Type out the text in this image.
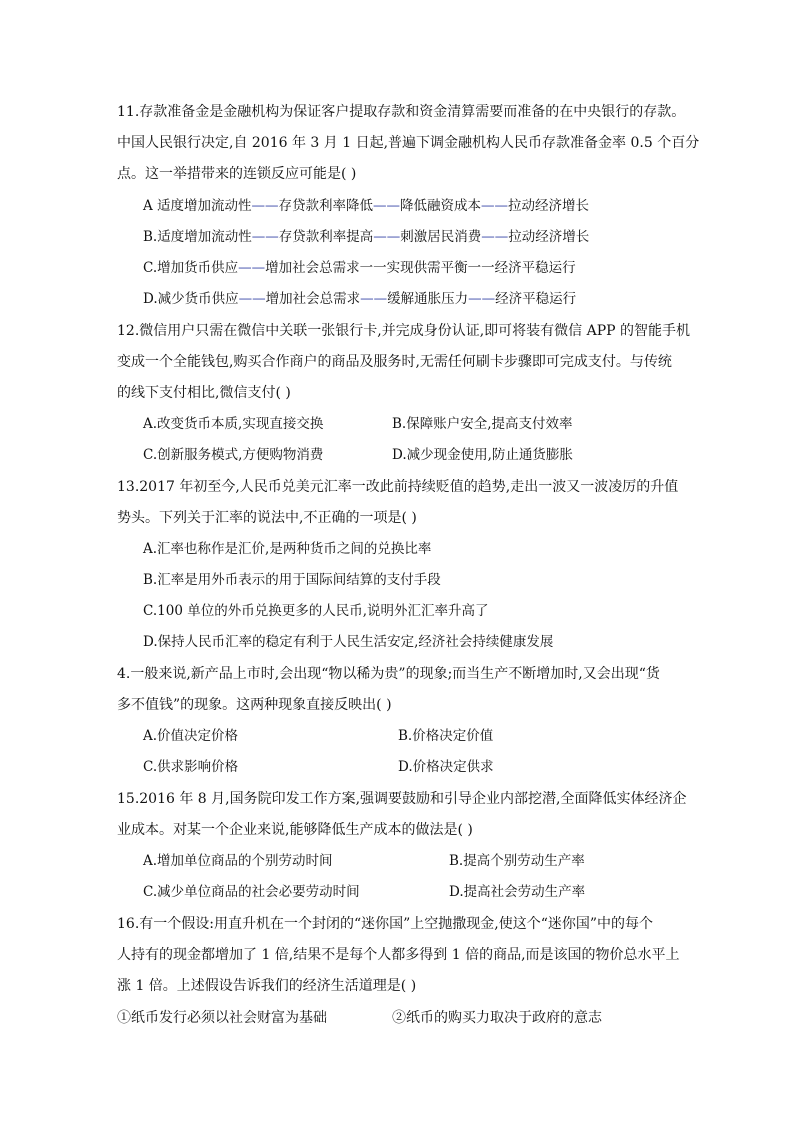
11.存款准备金是金融机构为保证客户提取存款和资金清算需要而准备的在中央银行的存款。
中国人民银行决定,自 2016 年 3 月 1 日起,普遍下调金融机构人民币存款准备金率 0.5 个百分
点。这一举措带来的连锁反应可能是( )
A 适度增加流动性——存贷款利率降低——降低融资成本——拉动经济增长
B.适度增加流动性——存贷款利率提高——刺激居民消费——拉动经济增长
C.增加货币供应——增加社会总需求一一实现供需平衡一一经济平稳运行
D.减少货币供应——增加社会总需求——缓解通胀压力——经济平稳运行
12.微信用户只需在微信中关联一张银行卡,并完成身份认证,即可将装有微信 APP 的智能手机
变成一个全能钱包,购买合作商户的商品及服务时,无需任何刷卡步骤即可完成支付。与传统
的线下支付相比,微信支付( )
A.改变货币本质,实现直接交换	B.保障账户安全,提高支付效率
C.创新服务模式,方便购物消费	D.减少现金使用,防止通货膨胀
13.2017 年初至今,人民币兑美元汇率一改此前持续贬值的趋势,走出一波又一波凌厉的升值
势头。下列关于汇率的说法中,不正确的一项是( )
A.汇率也称作是汇价,是两种货币之间的兑换比率
B.汇率是用外币表示的用于国际间结算的支付手段
C.100 单位的外币兑换更多的人民币,说明外汇汇率升高了
D.保持人民币汇率的稳定有利于人民生活安定,经济社会持续健康发展
4.一般来说,新产品上市时,会出现“物以稀为贵”的现象;而当生产不断增加时,又会出现“货
多不值钱”的现象。这两种现象直接反映出( )
A.价值决定价格	B.价格决定价值
C.供求影响价格	D.价格决定供求
15.2016 年 8 月,国务院印发工作方案,强调要鼓励和引导企业内部挖潜,全面降低实体经济企
业成本。对某一个企业来说,能够降低生产成本的做法是( )
A.增加单位商品的个别劳动时间	B.提高个别劳动生产率
C.减少单位商品的社会必要劳动时间	D.提高社会劳动生产率
16.有一个假设:用直升机在一个封闭的“迷你国”上空抛撒现金,使这个“迷你国”中的每个
人持有的现金都增加了 1 倍,结果不是每个人都多得到 1 倍的商品,而是该国的物价总水平上
涨 1 倍。上述假设告诉我们的经济生活道理是( )
①纸币发行必须以社会财富为基础	②纸币的购买力取决于政府的意志
